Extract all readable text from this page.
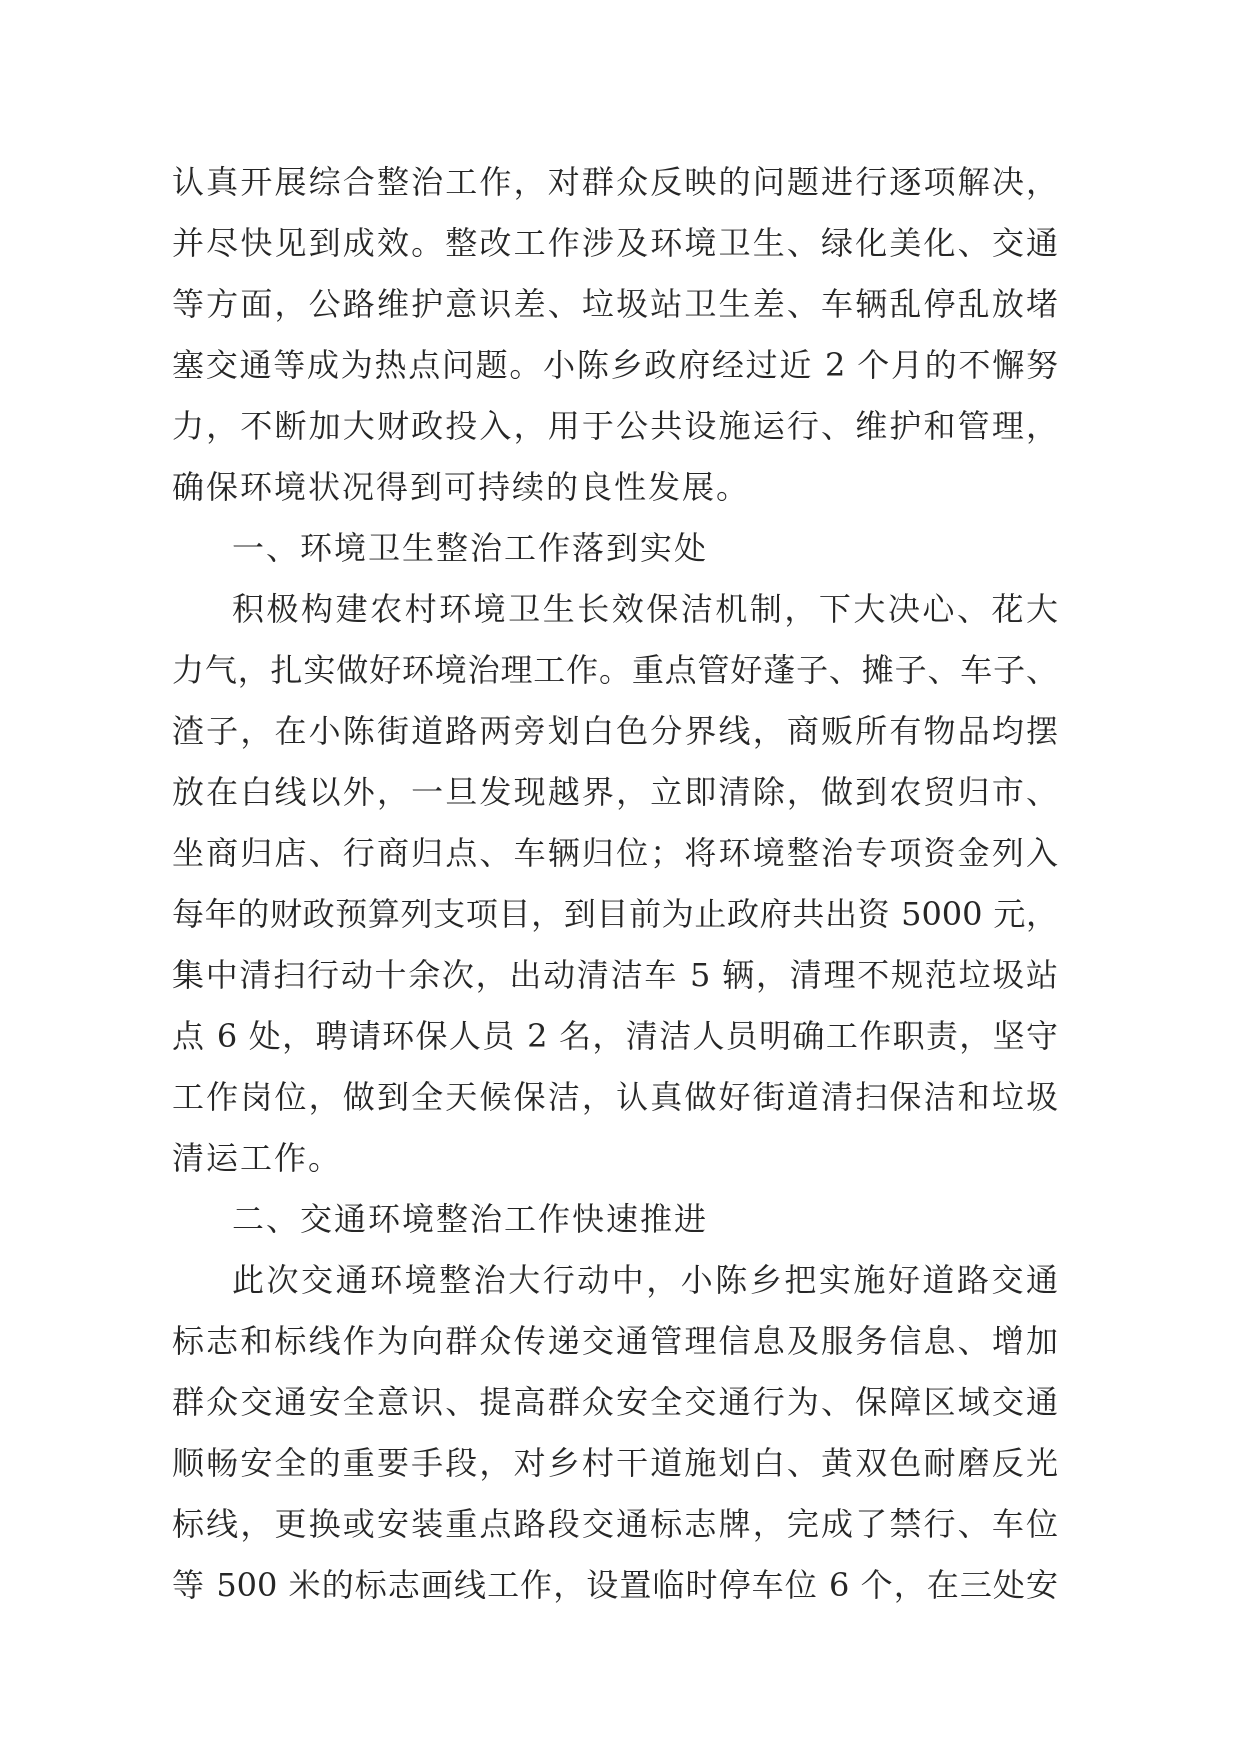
认真开展综合整治工作，对群众反映的问题进行逐项解决，
并尽快见到成效。整改工作涉及环境卫生、绿化美化、交通
等方面，公路维护意识差、垃圾站卫生差、车辆乱停乱放堵
塞交通等成为热点问题。小陈乡政府经过近 2 个月的不懈努
力，不断加大财政投入，用于公共设施运行、维护和管理，
确保环境状况得到可持续的良性发展。
一、环境卫生整治工作落到实处
积极构建农村环境卫生长效保洁机制，下大决心、花大
力气，扎实做好环境治理工作。重点管好蓬子、摊子、车子、
渣子，在小陈街道路两旁划白色分界线，商贩所有物品均摆
放在白线以外，一旦发现越界，立即清除，做到农贸归市、
坐商归店、行商归点、车辆归位；将环境整治专项资金列入
每年的财政预算列支项目，到目前为止政府共出资 5000 元，
集中清扫行动十余次，出动清洁车 5 辆，清理不规范垃圾站
点 6 处，聘请环保人员 2 名，清洁人员明确工作职责，坚守
工作岗位，做到全天候保洁，认真做好街道清扫保洁和垃圾
清运工作。
二、交通环境整治工作快速推进
此次交通环境整治大行动中，小陈乡把实施好道路交通
标志和标线作为向群众传递交通管理信息及服务信息、增加
群众交通安全意识、提高群众安全交通行为、保障区域交通
顺畅安全的重要手段，对乡村干道施划白、黄双色耐磨反光
标线，更换或安装重点路段交通标志牌，完成了禁行、车位
等 500 米的标志画线工作，设置临时停车位 6 个，在三处安
